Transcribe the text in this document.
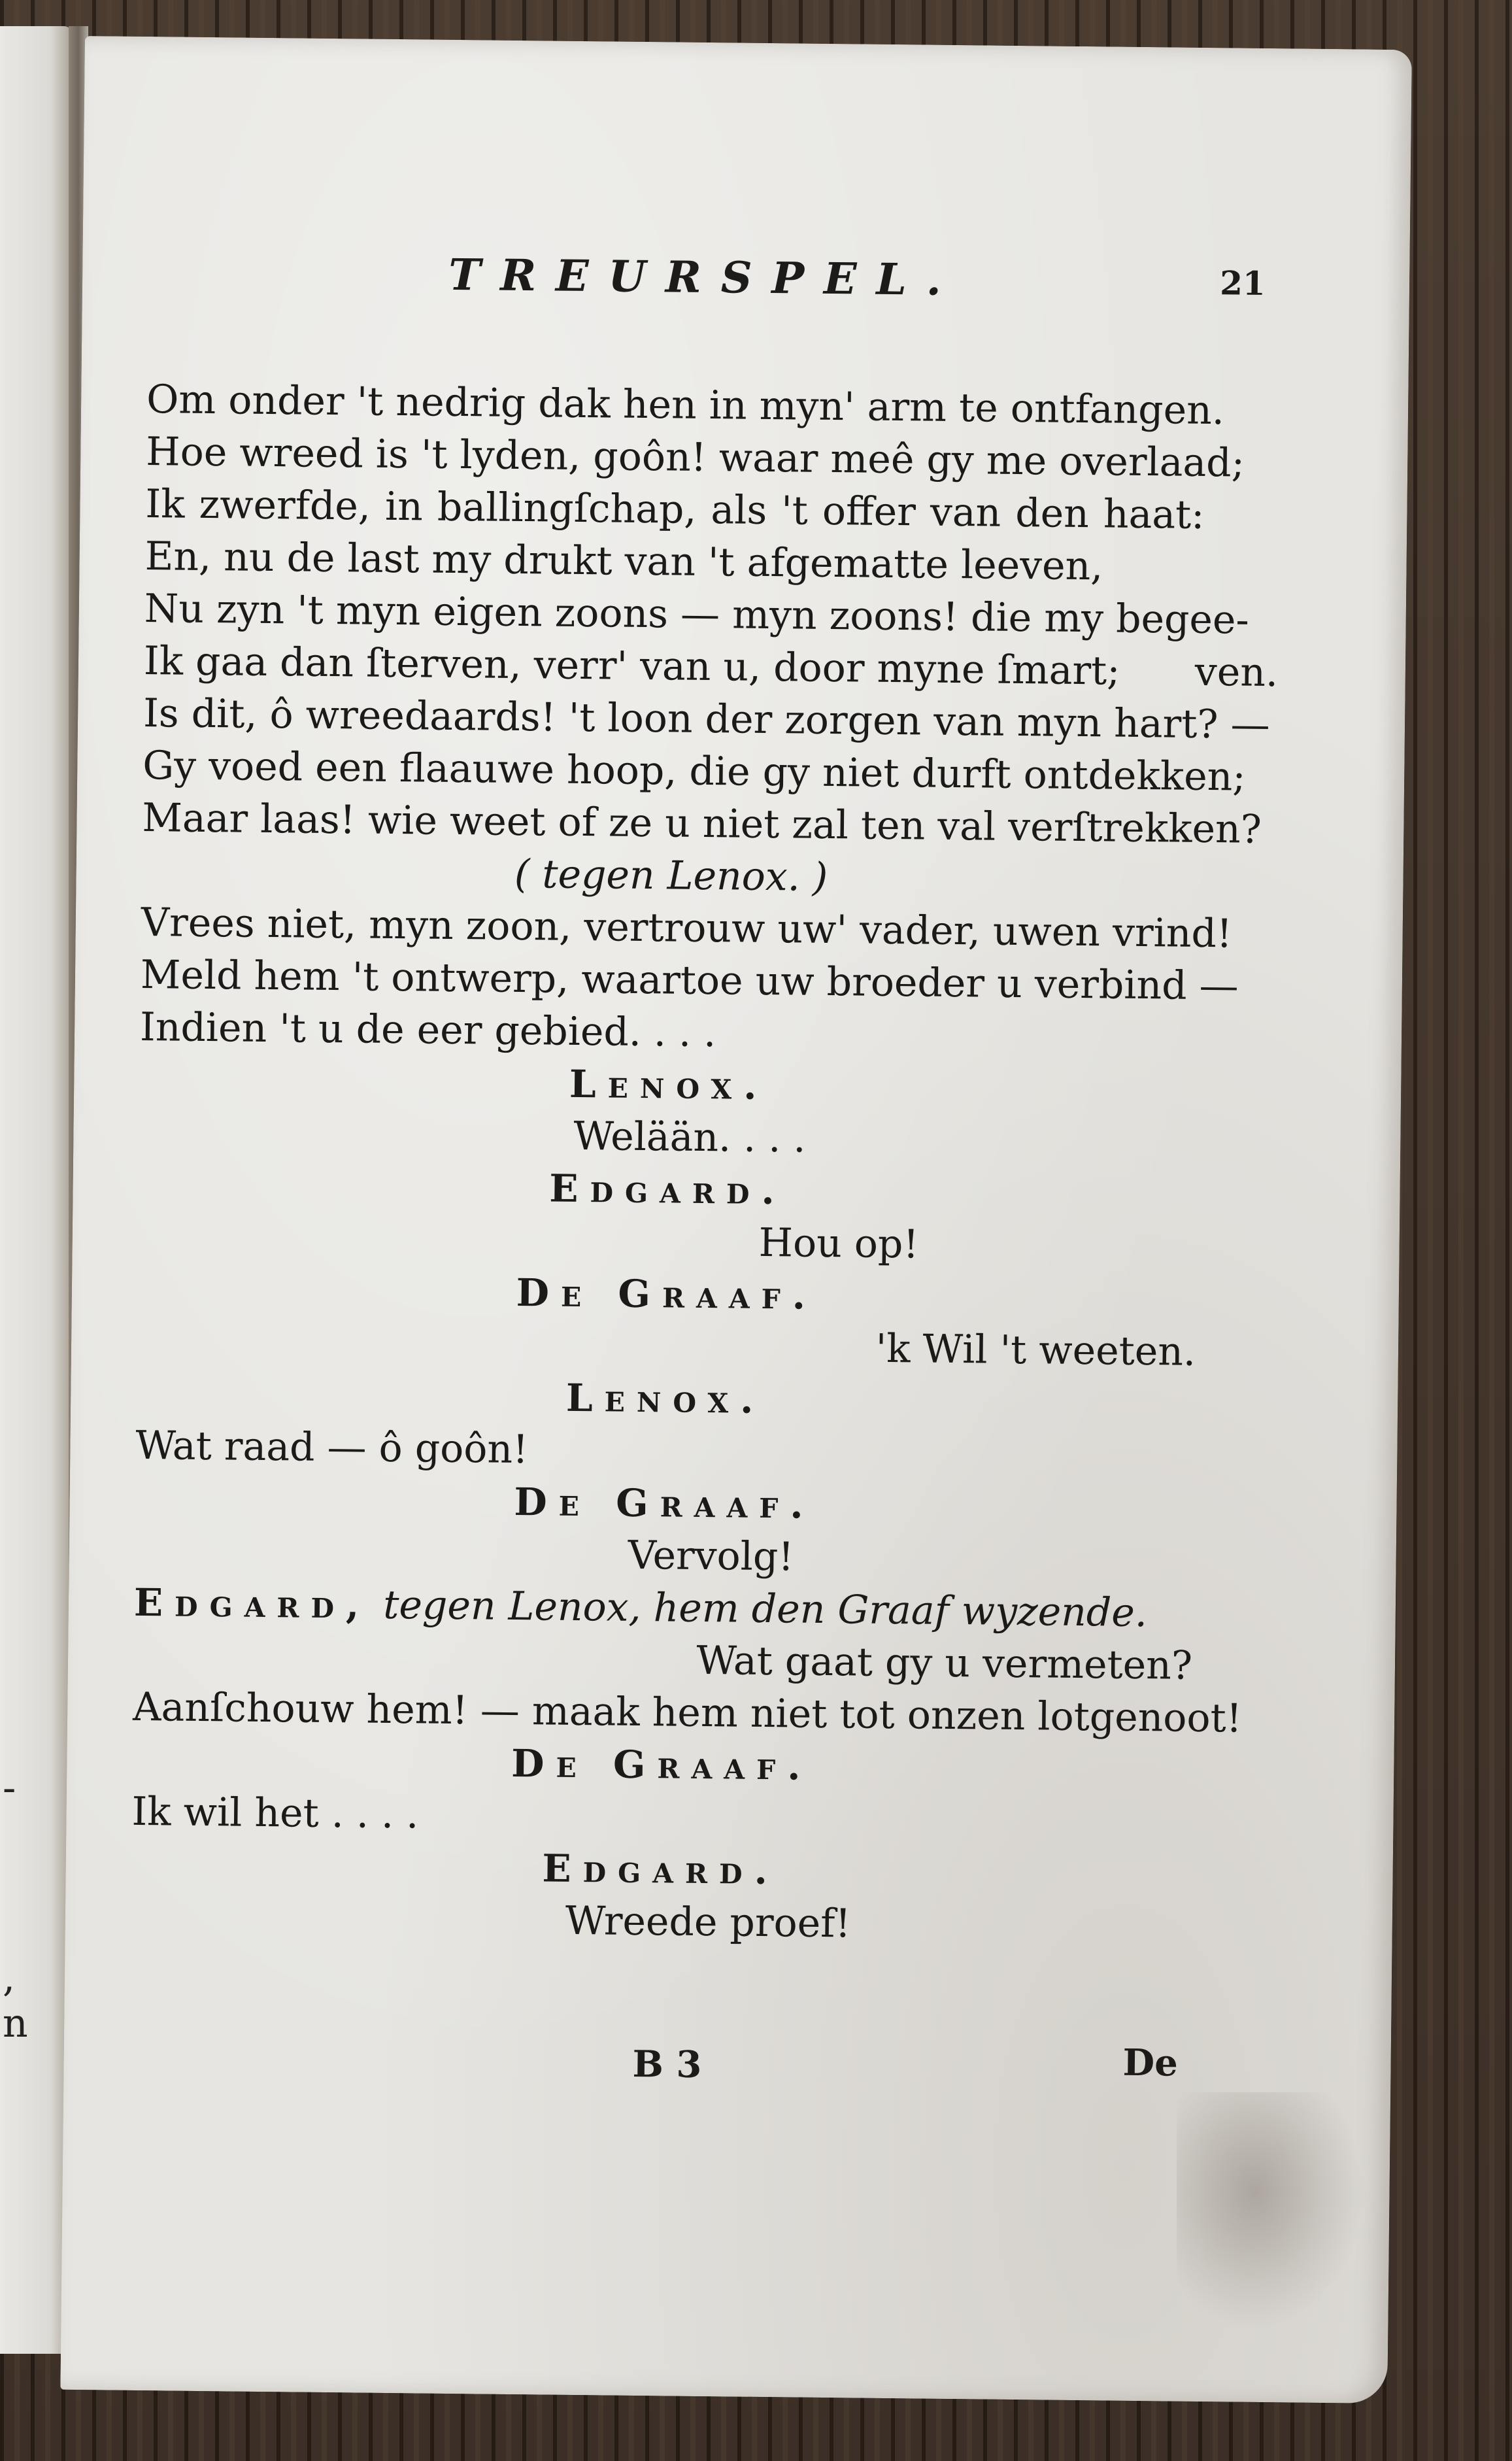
-
,
n
TREURSPEL.	21
Om onder 't nedrig dak hen in myn' arm te ontfangen.
Hoe wreed is 't lyden, goôn! waar meê gy me overlaad;
Ik zwerfde, in ballingſchap, als 't offer van den haat:
En, nu de last my drukt van 't afgematte leeven,
Nu zyn 't myn eigen zoons — myn zoons! die my begee-
Ik gaa dan ſterven, verr' van u, door myne ſmart;      ven.
Is dit, ô wreedaards! 't loon der zorgen van myn hart? —
Gy voed een flaauwe hoop, die gy niet durft ontdekken;
Maar laas! wie weet of ze u niet zal ten val verſtrekken?
( tegen Lenox. )
Vrees niet, myn zoon, vertrouw uw' vader, uwen vrind!
Meld hem 't ontwerp, waartoe uw broeder u verbind —
Indien 't u de eer gebied. . . .
Lenox.
Welään. . . .
Edgard.
Hou op!
De Graaf.
'k Wil 't weeten.
Lenox.
Wat raad — ô goôn!
De Graaf.
Vervolg!
Edgard, tegen Lenox, hem den Graaf wyzende.
Wat gaat gy u vermeten?
Aanſchouw hem! — maak hem niet tot onzen lotgenoot!
De Graaf.
Ik wil het . . . .
Edgard.
Wreede proef!
B 3	De
